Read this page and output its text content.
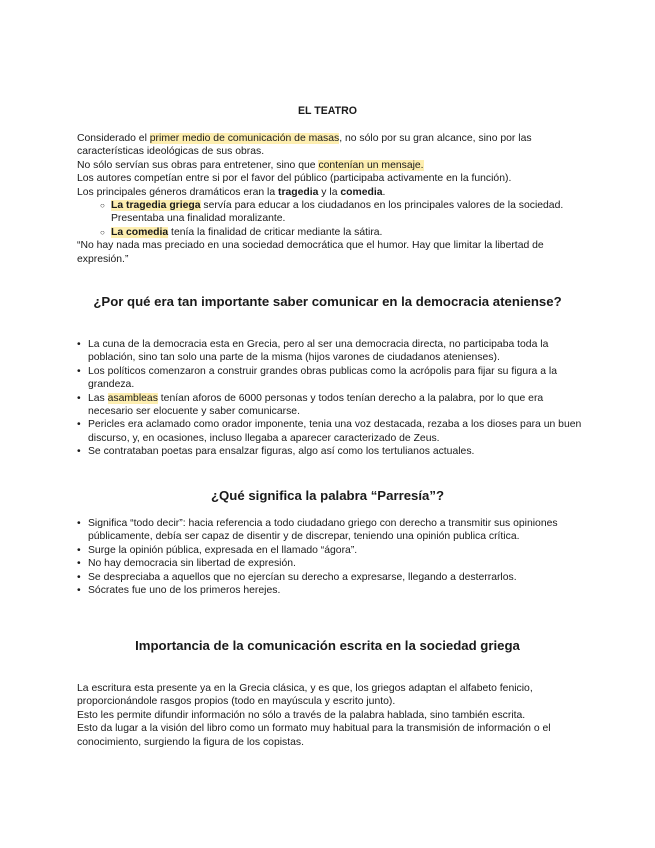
EL TEATRO

Considerado el primer medio de comunicación de masas, no sólo por su gran alcance, sino por las características ideológicas de sus obras.

No sólo servían sus obras para entretener, sino que contenían un mensaje.

Los autores competían entre si por el favor del público (participaba activamente en la función).

Los principales géneros dramáticos eran la tragedia y la comedia.

○ La tragedia griega servía para educar a los ciudadanos en los principales valores de la sociedad. Presentaba una finalidad moralizante.
○ La comedia tenía la finalidad de criticar mediante la sátira.

“No hay nada mas preciado en una sociedad democrática que el humor. Hay que limitar la libertad de expresión.”

¿Por qué era tan importante saber comunicar en la democracia ateniense?
• La cuna de la democracia esta en Grecia, pero al ser una democracia directa, no participaba toda la población, sino tan solo una parte de la misma (hijos varones de ciudadanos atenienses).
• Los políticos comenzaron a construir grandes obras publicas como la acrópolis para fijar su figura a la grandeza.
• Las asambleas tenían aforos de 6000 personas y todos tenían derecho a la palabra, por lo que era necesario ser elocuente y saber comunicarse.
• Pericles era aclamado como orador imponente, tenia una voz destacada, rezaba a los dioses para un buen discurso, y, en ocasiones, incluso llegaba a aparecer caracterizado de Zeus.
• Se contrataban poetas para ensalzar figuras, algo así como los tertulianos actuales.
¿Qué significa la palabra “Parresía”?
• Significa “todo decir”: hacia referencia a todo ciudadano griego con derecho a transmitir sus opiniones públicamente, debía ser capaz de disentir y de discrepar, teniendo una opinión publica crítica.
• Surge la opinión pública, expresada en el llamado “ágora”.
• No hay democracia sin libertad de expresión.
• Se despreciaba a aquellos que no ejercían su derecho a expresarse, llegando a desterrarlos.
• Sócrates fue uno de los primeros herejes.
Importancia de la comunicación escrita en la sociedad griega

La escritura esta presente ya en la Grecia clásica, y es que, los griegos adaptan el alfabeto fenicio, proporcionándole rasgos propios (todo en mayúscula y escrito junto).

Esto les permite difundir información no sólo a través de la palabra hablada, sino también escrita.

Esto da lugar a la visión del libro como un formato muy habitual para la transmisión de información o el conocimiento, surgiendo la figura de los copistas.
